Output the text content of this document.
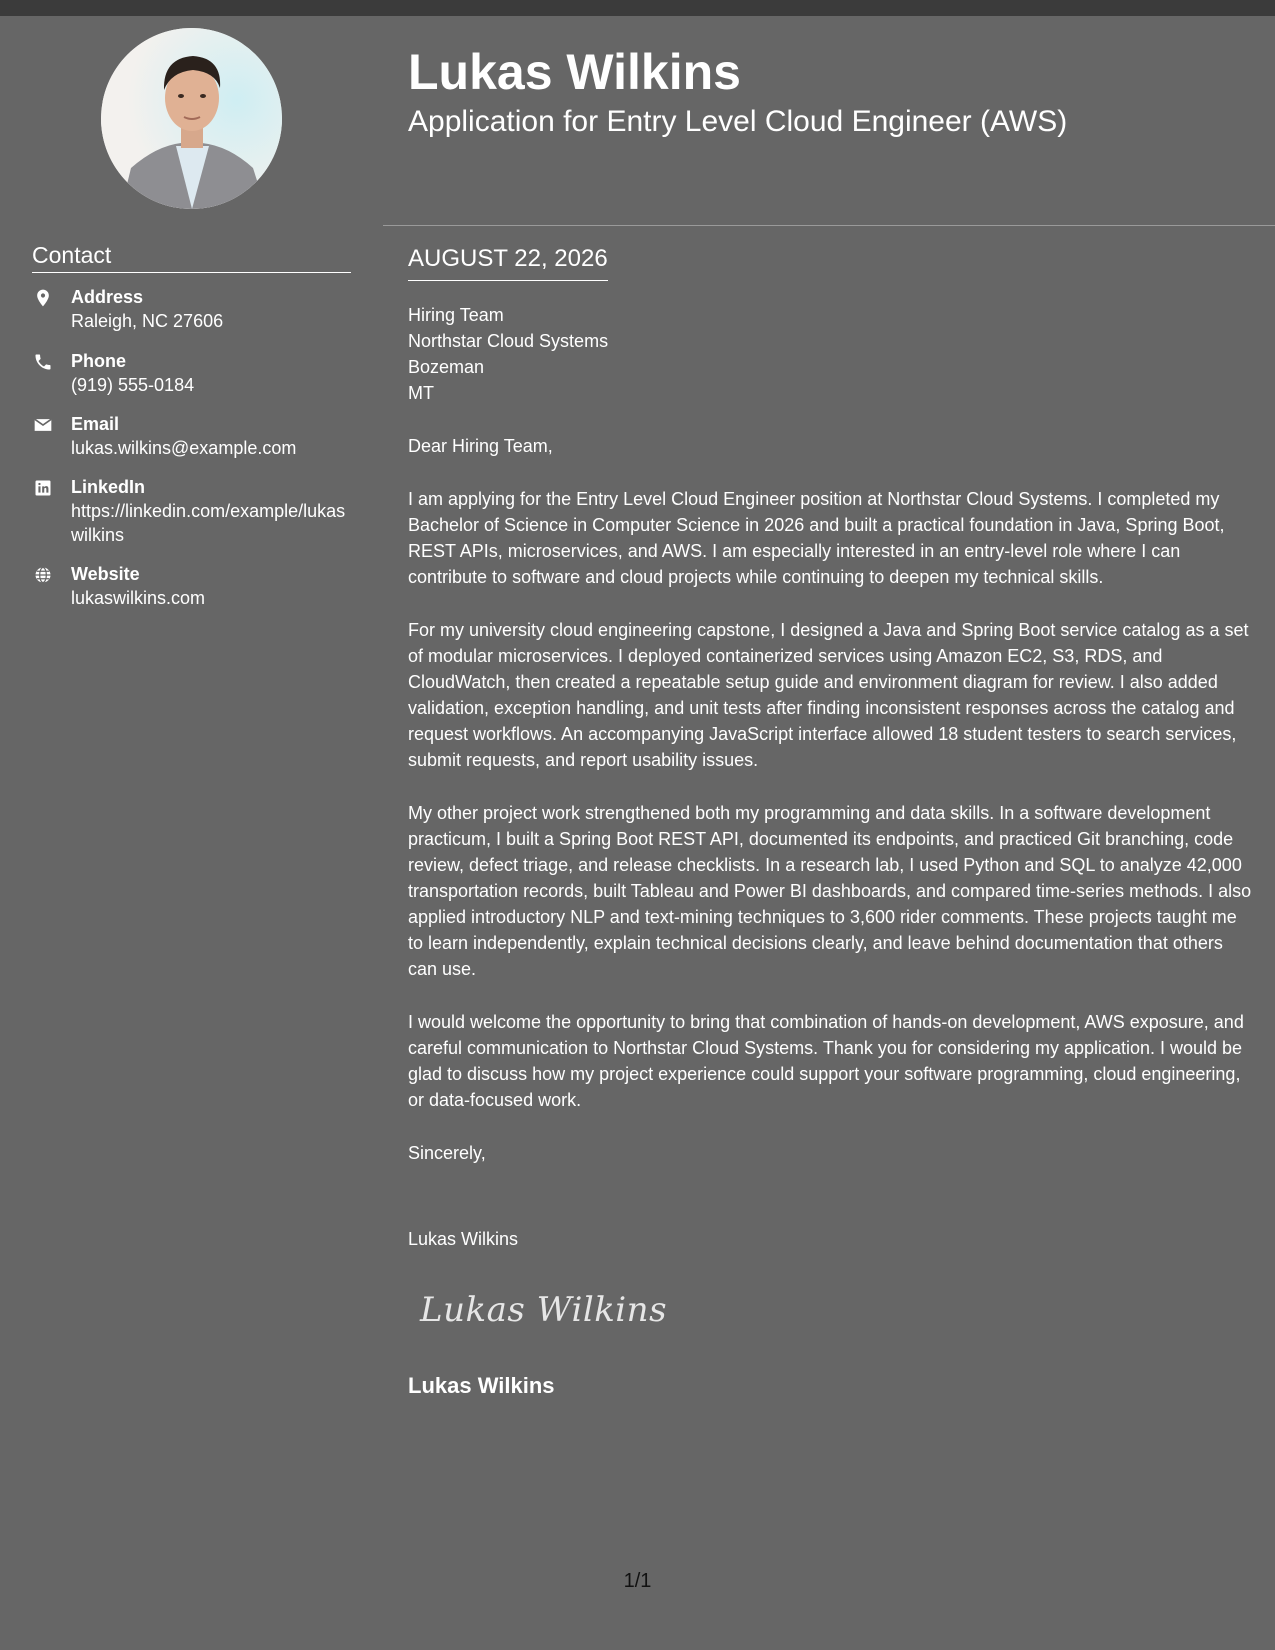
Contact
Address
Raleigh, NC 27606
Phone
(919) 555-0184
Email
lukas.wilkins@example.com
LinkedIn
https://linkedin.com/example/lukaswilkins
Website
lukaswilkins.com
Lukas Wilkins
Application for Entry Level Cloud Engineer (AWS)
AUGUST 22, 2026
Hiring Team
Northstar Cloud Systems
Bozeman
MT

Dear Hiring Team,

I am applying for the Entry Level Cloud Engineer position at Northstar Cloud Systems. I completed my Bachelor of Science in Computer Science in 2026 and built a practical foundation in Java, Spring Boot, REST APIs, microservices, and AWS. I am especially interested in an entry-level role where I can contribute to software and cloud projects while continuing to deepen my technical skills.

For my university cloud engineering capstone, I designed a Java and Spring Boot service catalog as a set of modular microservices. I deployed containerized services using Amazon EC2, S3, RDS, and CloudWatch, then created a repeatable setup guide and environment diagram for review. I also added validation, exception handling, and unit tests after finding inconsistent responses across the catalog and request workflows. An accompanying JavaScript interface allowed 18 student testers to search services, submit requests, and report usability issues.

My other project work strengthened both my programming and data skills. In a software development practicum, I built a Spring Boot REST API, documented its endpoints, and practiced Git branching, code review, defect triage, and release checklists. In a research lab, I used Python and SQL to analyze 42,000 transportation records, built Tableau and Power BI dashboards, and compared time-series methods. I also applied introductory NLP and text-mining techniques to 3,600 rider comments. These projects taught me to learn independently, explain technical decisions clearly, and leave behind documentation that others can use.

I would welcome the opportunity to bring that combination of hands-on development, AWS exposure, and careful communication to Northstar Cloud Systems. Thank you for considering my application. I would be glad to discuss how my project experience could support your software programming, cloud engineering, or data-focused work.

Sincerely,

Lukas Wilkins

Lukas Wilkins
Lukas Wilkins
1/1
